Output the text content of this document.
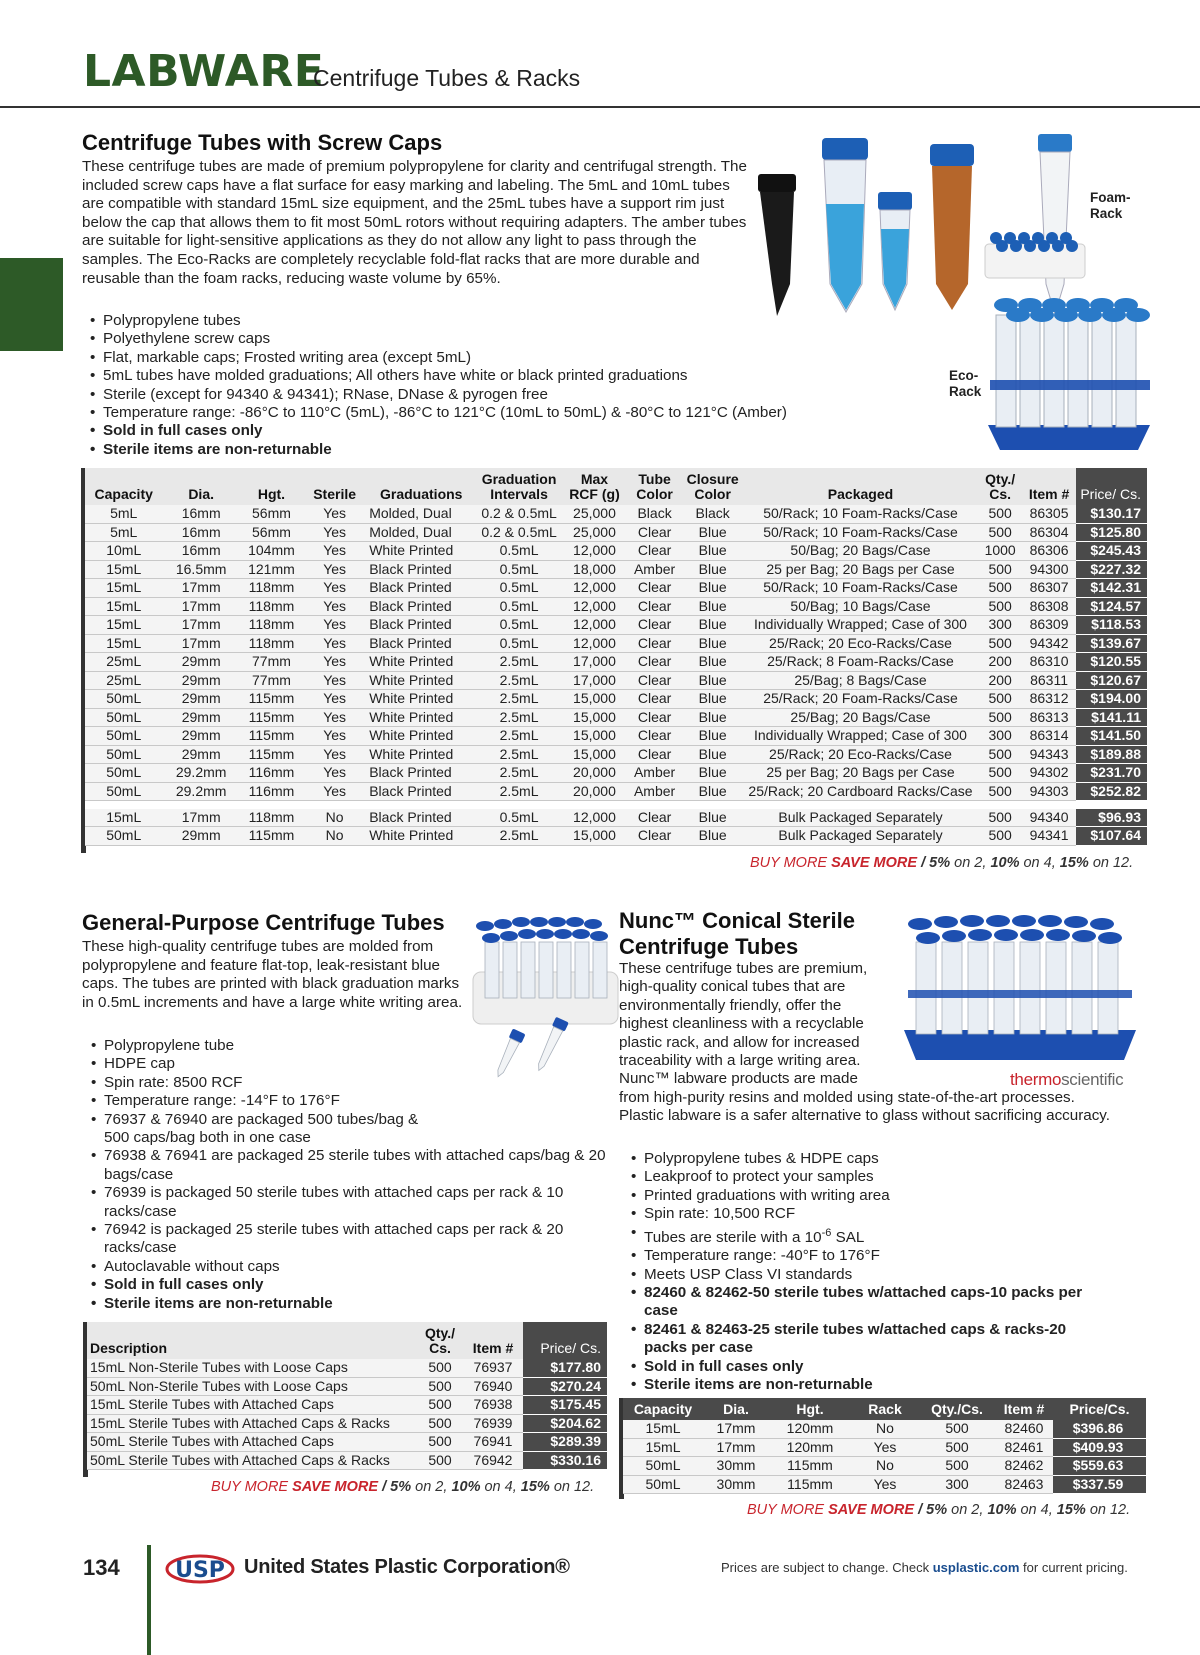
LABWARE
Centrifuge Tubes & Racks
Centrifuge Tubes with Screw Caps

These centrifuge tubes are made of premium polypropylene for clarity and centrifugal strength. The included screw caps have a flat surface for easy marking and labeling. The 5mL and 10mL tubes are compatible with standard 15mL size equipment, and the 25mL tubes have a support rim just below the cap that allows them to fit most 50mL rotors without requiring adapters. The amber tubes are suitable for light-sensitive applications as they do not allow any light to pass through the samples. The Eco-Racks are completely recyclable fold-flat racks that are more durable and reusable than the foam racks, reducing waste volume by 65%.

• Polypropylene tubes
• Polyethylene screw caps
• Flat, markable caps; Frosted writing area (except 5mL)
• 5mL tubes have molded graduations; All others have white or black printed graduations
• Sterile (except for 94340 & 94341); RNase, DNase & pyrogen free
• Temperature range: -86°C to 110°C (5mL), -86°C to 121°C (10mL to 50mL) & -80°C to 121°C (Amber)
• Sold in full cases only
• Sterile items are non-returnable
Foam-
Rack
Eco-
Rack
Capacity	Dia.	Hgt.	Sterile	Graduations	Graduation Intervals	Max RCF (g)	Tube Color	Closure Color	Packaged	Qty./ Cs.	Item #	Price/ Cs.
5mL	16mm	56mm	Yes	Molded, Dual	0.2 & 0.5mL	25,000	Black	Black	50/Rack; 10 Foam-Racks/Case	500	86305	$130.17
5mL	16mm	56mm	Yes	Molded, Dual	0.2 & 0.5mL	25,000	Clear	Blue	50/Rack; 10 Foam-Racks/Case	500	86304	$125.80
10mL	16mm	104mm	Yes	White Printed	0.5mL	12,000	Clear	Blue	50/Bag; 20 Bags/Case	1000	86306	$245.43
15mL	16.5mm	121mm	Yes	Black Printed	0.5mL	18,000	Amber	Blue	25 per Bag; 20 Bags per Case	500	94300	$227.32
15mL	17mm	118mm	Yes	Black Printed	0.5mL	12,000	Clear	Blue	50/Rack; 10 Foam-Racks/Case	500	86307	$142.31
15mL	17mm	118mm	Yes	Black Printed	0.5mL	12,000	Clear	Blue	50/Bag; 10 Bags/Case	500	86308	$124.57
15mL	17mm	118mm	Yes	Black Printed	0.5mL	12,000	Clear	Blue	Individually Wrapped; Case of 300	300	86309	$118.53
15mL	17mm	118mm	Yes	Black Printed	0.5mL	12,000	Clear	Blue	25/Rack; 20 Eco-Racks/Case	500	94342	$139.67
25mL	29mm	77mm	Yes	White Printed	2.5mL	17,000	Clear	Blue	25/Rack; 8 Foam-Racks/Case	200	86310	$120.55
25mL	29mm	77mm	Yes	White Printed	2.5mL	17,000	Clear	Blue	25/Bag; 8 Bags/Case	200	86311	$120.67
50mL	29mm	115mm	Yes	White Printed	2.5mL	15,000	Clear	Blue	25/Rack; 20 Foam-Racks/Case	500	86312	$194.00
50mL	29mm	115mm	Yes	White Printed	2.5mL	15,000	Clear	Blue	25/Bag; 20 Bags/Case	500	86313	$141.11
50mL	29mm	115mm	Yes	White Printed	2.5mL	15,000	Clear	Blue	Individually Wrapped; Case of 300	300	86314	$141.50
50mL	29mm	115mm	Yes	White Printed	2.5mL	15,000	Clear	Blue	25/Rack; 20 Eco-Racks/Case	500	94343	$189.88
50mL	29.2mm	116mm	Yes	Black Printed	2.5mL	20,000	Amber	Blue	25 per Bag; 20 Bags per Case	500	94302	$231.70
50mL	29.2mm	116mm	Yes	Black Printed	2.5mL	20,000	Amber	Blue	25/Rack; 20 Cardboard Racks/Case	500	94303	$252.82

15mL	17mm	118mm	No	Black Printed	0.5mL	12,000	Clear	Blue	Bulk Packaged Separately	500	94340	$96.93
50mL	29mm	115mm	No	White Printed	2.5mL	15,000	Clear	Blue	Bulk Packaged Separately	500	94341	$107.64
BUY MORE SAVE MORE / 5% on 2, 10% on 4, 15% on 12.
General-Purpose Centrifuge Tubes

These high-quality centrifuge tubes are molded from polypropylene and feature flat-top, leak-resistant blue caps. The tubes are printed with black graduation marks in 0.5mL increments and have a large white writing area.

• Polypropylene tube
• HDPE cap
• Spin rate: 8500 RCF
• Temperature range: -14°F to 176°F
• 76937 & 76940 are packaged 500 tubes/bag & 500 caps/bag both in one case
• 76938 & 76941 are packaged 25 sterile tubes with attached caps/bag & 20 bags/case
• 76939 is packaged 50 sterile tubes with attached caps per rack & 10 racks/case
• 76942 is packaged 25 sterile tubes with attached caps per rack & 20 racks/case
• Autoclavable without caps
• Sold in full cases only
• Sterile items are non-returnable
Description	Qty./ Cs.	Item #	Price/ Cs.
15mL Non-Sterile Tubes with Loose Caps	500	76937	$177.80
50mL Non-Sterile Tubes with Loose Caps	500	76940	$270.24
15mL Sterile Tubes with Attached Caps	500	76938	$175.45
15mL Sterile Tubes with Attached Caps & Racks	500	76939	$204.62
50mL Sterile Tubes with Attached Caps	500	76941	$289.39
50mL Sterile Tubes with Attached Caps & Racks	500	76942	$330.16
BUY MORE SAVE MORE / 5% on 2, 10% on 4, 15% on 12.
Nunc™ Conical Sterile
Centrifuge Tubes

These centrifuge tubes are premium, high-quality conical tubes that are environmentally friendly, offer the highest cleanliness with a recyclable plastic rack, and allow for increased traceability with a large writing area. Nunc™ labware products are made
from high-purity resins and molded using state-of-the-art processes. Plastic labware is a safer alternative to glass without sacrificing accuracy.

thermoscientific
• Polypropylene tubes & HDPE caps
• Leakproof to protect your samples
• Printed graduations with writing area
• Spin rate: 10,500 RCF
• Tubes are sterile with a $10^{-6}$ SAL
• Temperature range: -40°F to 176°F
• Meets USP Class VI standards
• 82460 & 82462-50 sterile tubes w/attached caps-10 packs per case
• 82461 & 82463-25 sterile tubes w/attached caps & racks-20 packs per case
• Sold in full cases only
• Sterile items are non-returnable
Capacity	Dia.	Hgt.	Rack	Qty./Cs.	Item #	Price/Cs.
15mL	17mm	120mm	No	500	82460	$396.86
15mL	17mm	120mm	Yes	500	82461	$409.93
50mL	30mm	115mm	No	500	82462	$559.63
50mL	30mm	115mm	Yes	300	82463	$337.59
BUY MORE SAVE MORE / 5% on 2, 10% on 4, 15% on 12.
134	USP United States Plastic Corporation®	Prices are subject to change. Check usplastic.com for current pricing.
